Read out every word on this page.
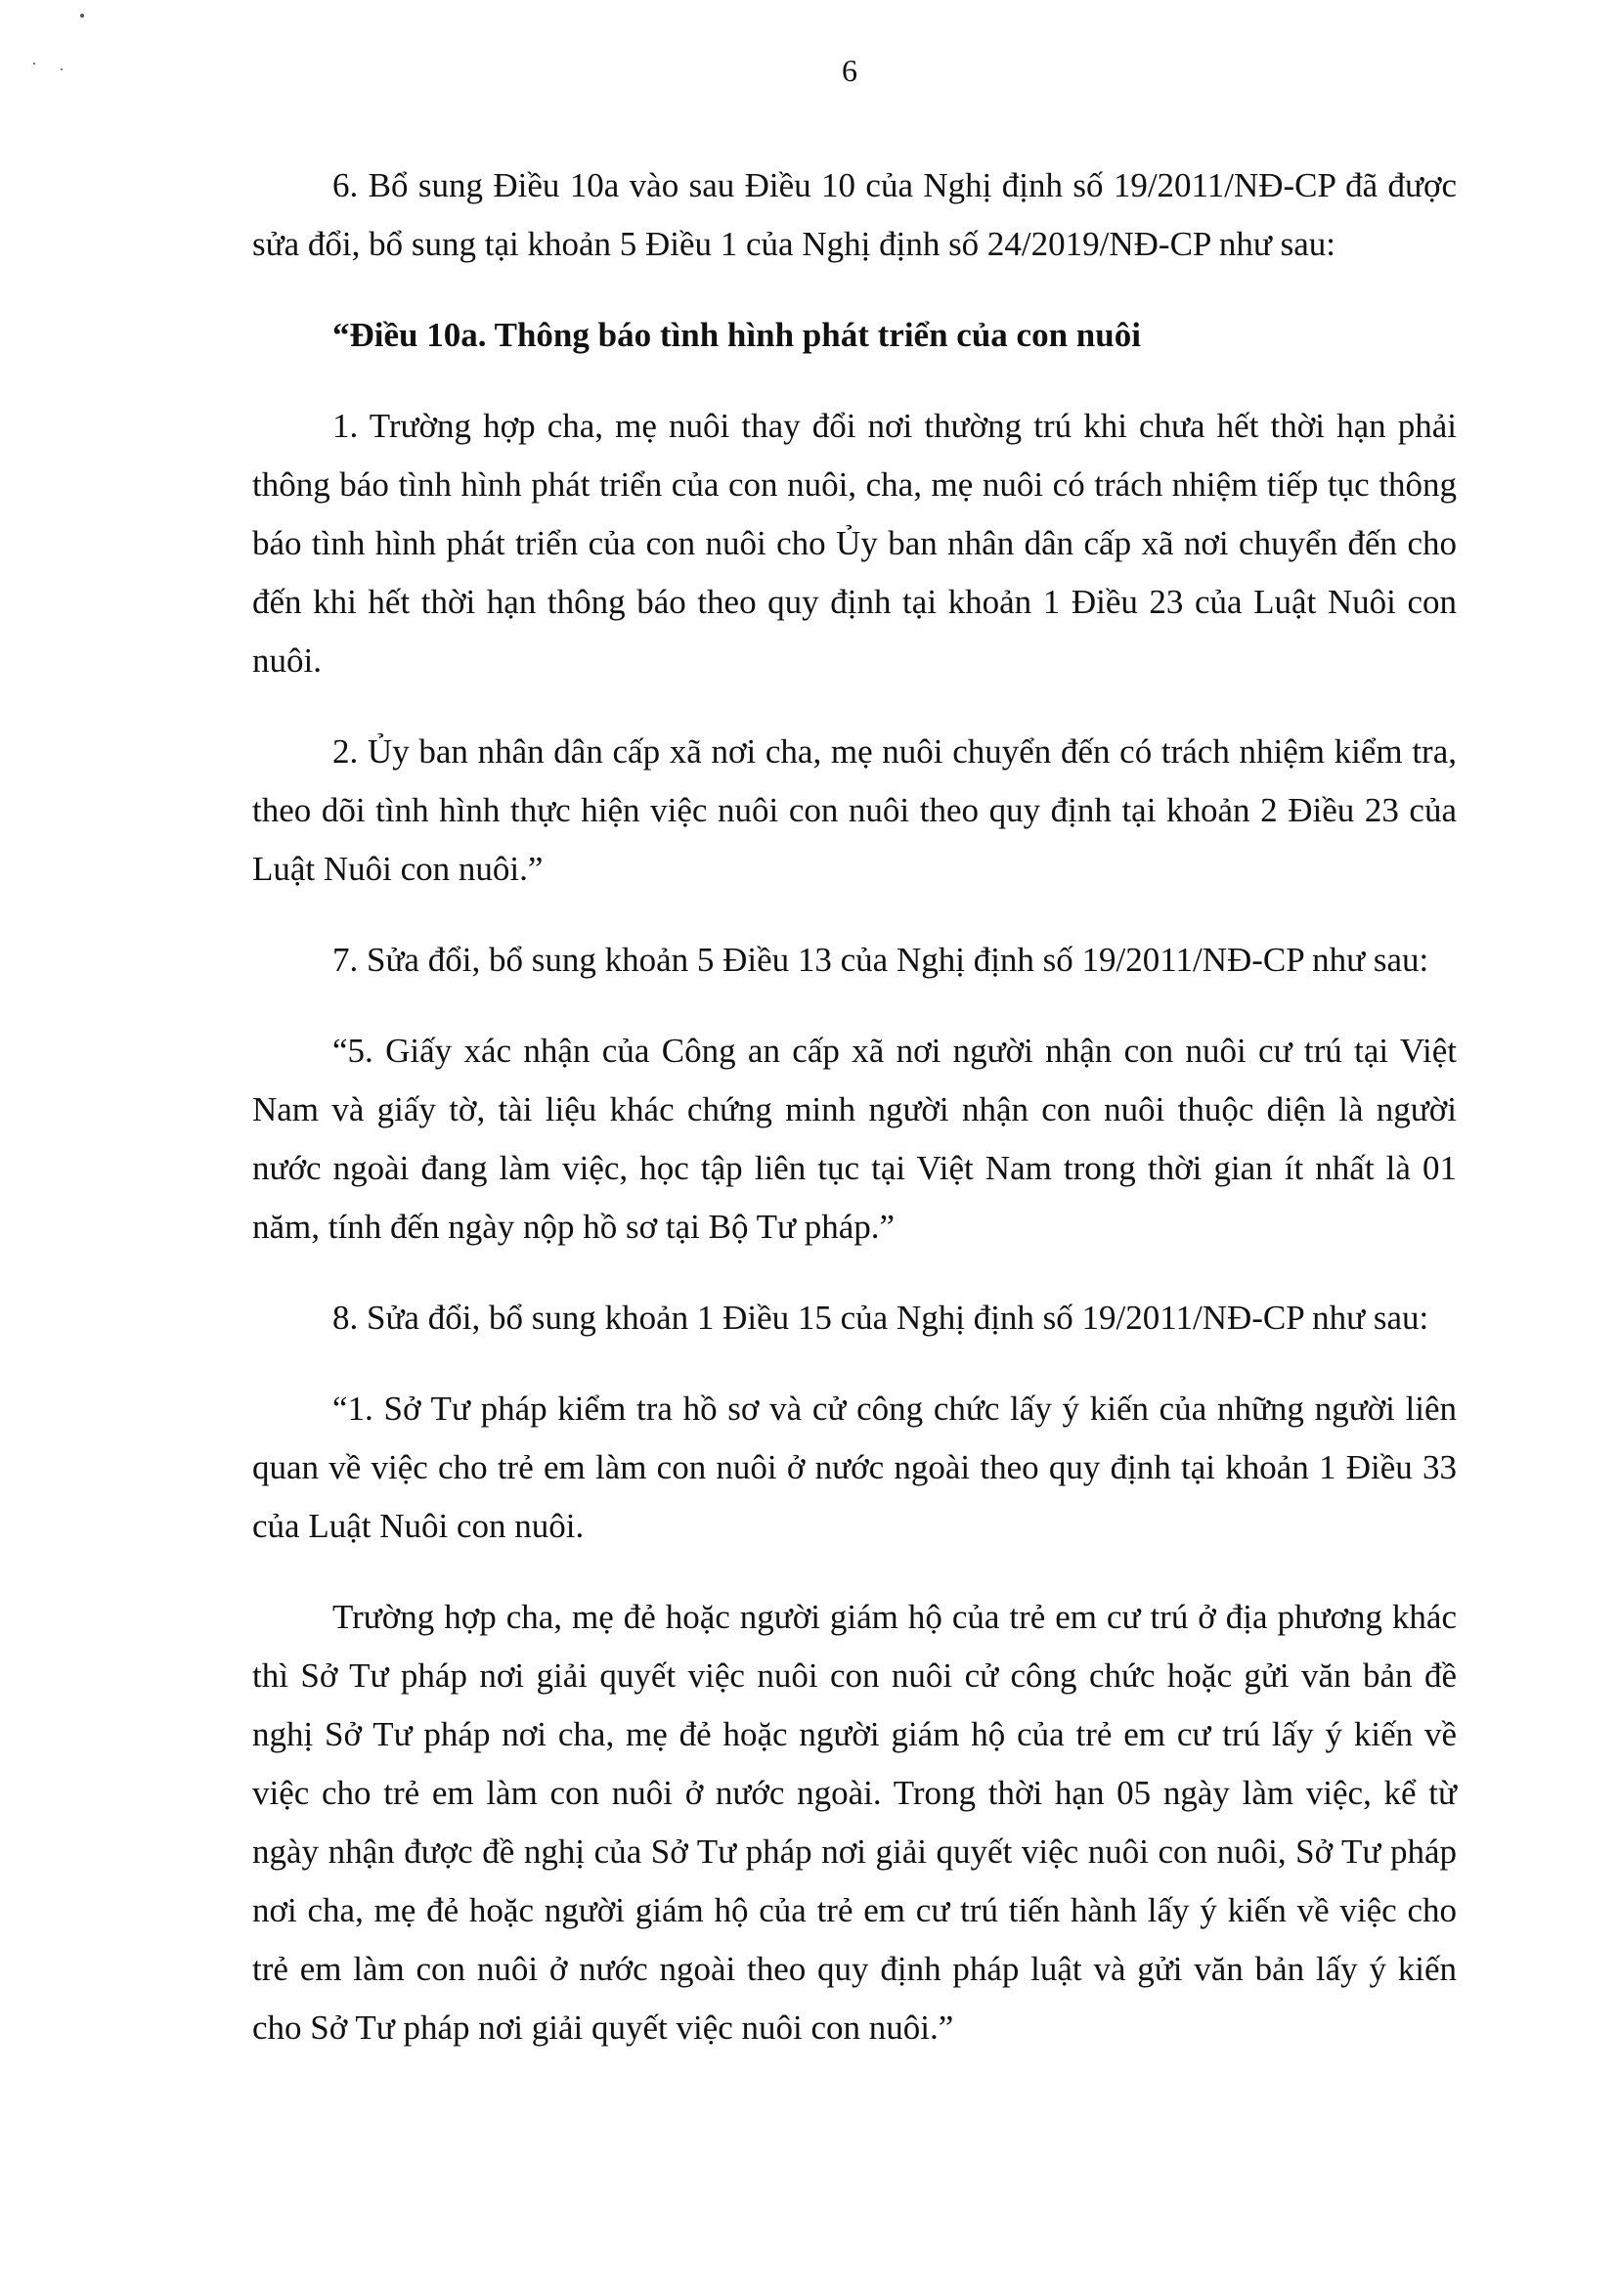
6

6. Bổ sung Điều 10a vào sau Điều 10 của Nghị định số 19/2011/NĐ-CP đã được sửa đổi, bổ sung tại khoản 5 Điều 1 của Nghị định số 24/2019/NĐ-CP như sau:

“Điều 10a. Thông báo tình hình phát triển của con nuôi

1. Trường hợp cha, mẹ nuôi thay đổi nơi thường trú khi chưa hết thời hạn phải thông báo tình hình phát triển của con nuôi, cha, mẹ nuôi có trách nhiệm tiếp tục thông báo tình hình phát triển của con nuôi cho Ủy ban nhân dân cấp xã nơi chuyển đến cho đến khi hết thời hạn thông báo theo quy định tại khoản 1 Điều 23 của Luật Nuôi con nuôi.

2. Ủy ban nhân dân cấp xã nơi cha, mẹ nuôi chuyển đến có trách nhiệm kiểm tra, theo dõi tình hình thực hiện việc nuôi con nuôi theo quy định tại khoản 2 Điều 23 của Luật Nuôi con nuôi.”

7. Sửa đổi, bổ sung khoản 5 Điều 13 của Nghị định số 19/2011/NĐ-CP như sau:

“5. Giấy xác nhận của Công an cấp xã nơi người nhận con nuôi cư trú tại Việt Nam và giấy tờ, tài liệu khác chứng minh người nhận con nuôi thuộc diện là người nước ngoài đang làm việc, học tập liên tục tại Việt Nam trong thời gian ít nhất là 01 năm, tính đến ngày nộp hồ sơ tại Bộ Tư pháp.”

8. Sửa đổi, bổ sung khoản 1 Điều 15 của Nghị định số 19/2011/NĐ-CP như sau:

“1. Sở Tư pháp kiểm tra hồ sơ và cử công chức lấy ý kiến của những người liên quan về việc cho trẻ em làm con nuôi ở nước ngoài theo quy định tại khoản 1 Điều 33 của Luật Nuôi con nuôi.

Trường hợp cha, mẹ đẻ hoặc người giám hộ của trẻ em cư trú ở địa phương khác thì Sở Tư pháp nơi giải quyết việc nuôi con nuôi cử công chức hoặc gửi văn bản đề nghị Sở Tư pháp nơi cha, mẹ đẻ hoặc người giám hộ của trẻ em cư trú lấy ý kiến về việc cho trẻ em làm con nuôi ở nước ngoài. Trong thời hạn 05 ngày làm việc, kể từ ngày nhận được đề nghị của Sở Tư pháp nơi giải quyết việc nuôi con nuôi, Sở Tư pháp nơi cha, mẹ đẻ hoặc người giám hộ của trẻ em cư trú tiến hành lấy ý kiến về việc cho trẻ em làm con nuôi ở nước ngoài theo quy định pháp luật và gửi văn bản lấy ý kiến cho Sở Tư pháp nơi giải quyết việc nuôi con nuôi.”
